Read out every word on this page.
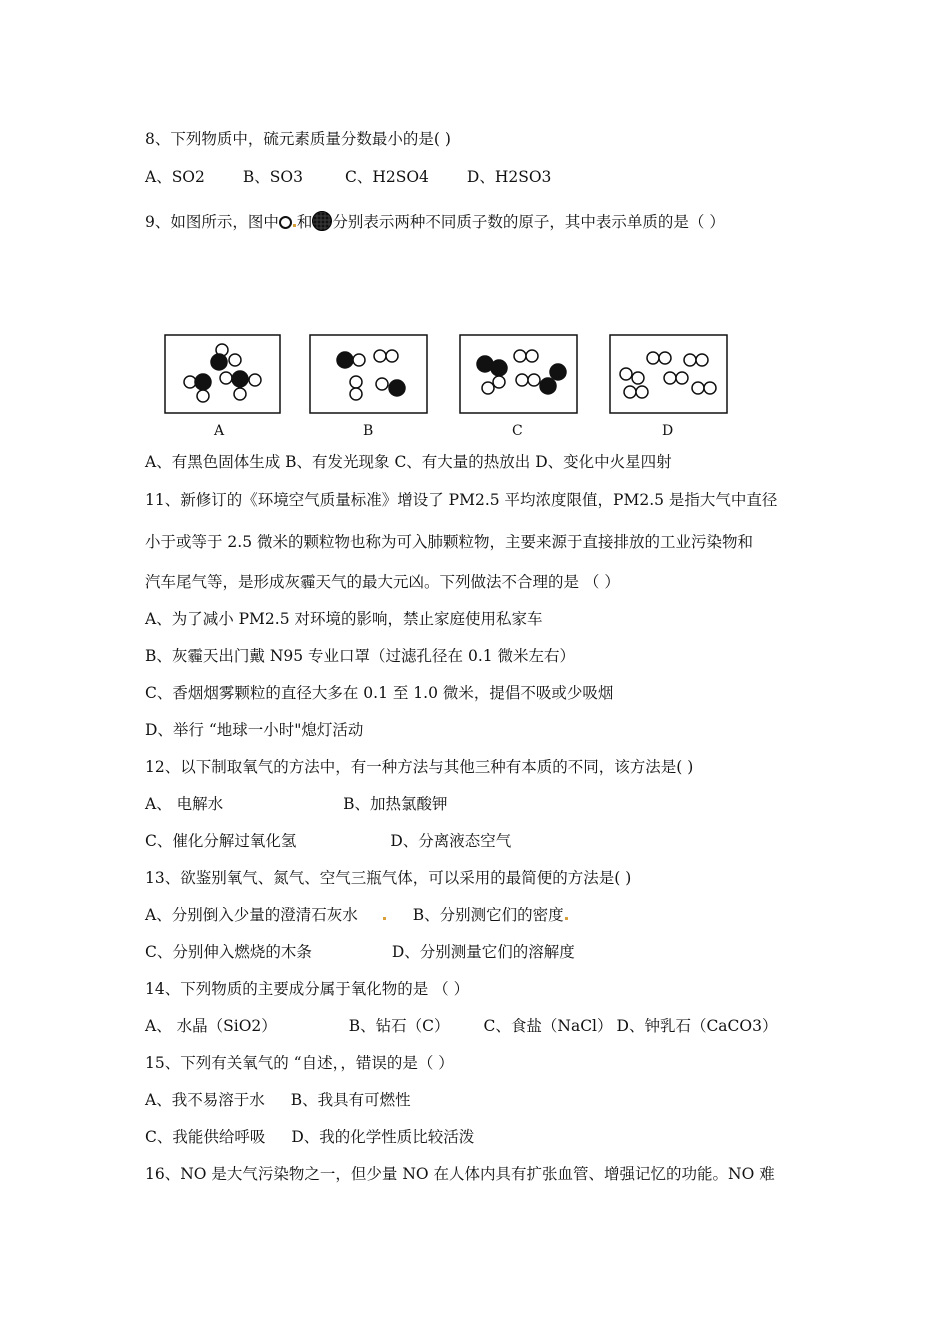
8、下列物质中，硫元素质量分数最小的是( )
A、SO2 B、SO3	C、H2SO4 D、H2SO3
9、如图所示，图中 和 分别表示两种不同质子数的原子，其中表示单质的是（ ）
A	B	C	D
A、有黑色固体生成 B、有发光现象 C、有大量的热放出 D、变化中火星四射
11、新修订的《环境空气质量标准》增设了 PM2.5 平均浓度限值，PM2.5 是指大气中直径
小于或等于 2.5 微米的颗粒物也称为可入肺颗粒物，主要来源于直接排放的工业污染物和
汽车尾气等，是形成灰霾天气的最大元凶。下列做法不合理的是 （ ）
A、为了减小 PM2.5 对环境的影响，禁止家庭使用私家车
B、灰霾天出门戴 N95 专业口罩（过滤孔径在 0.1 微米左右）
C、香烟烟雾颗粒的直径大多在 0.1 至 1.0 微米，提倡不吸或少吸烟
D、举行 “地球一小时"熄灯活动
12、以下制取氧气的方法中，有一种方法与其他三种有本质的不同，该方法是( )
A、 电解水	B、加热氯酸钾
C、催化分解过氧化氢	D、分离液态空气
13、欲鉴别氧气、氮气、空气三瓶气体，可以采用的最简便的方法是( )
A、分别倒入少量的澄清石灰水	B、分别测它们的密度
C、分别伸入燃烧的木条	D、分别测量它们的溶解度
14、下列物质的主要成分属于氧化物的是 （ ）
A、 水晶（SiO2）	B、钻石（C） C、食盐（NaCl） D、钟乳石（CaCO3）
15、下列有关氧气的 “自述，，错误的是（ ）
A、我不易溶于水 B、我具有可燃性
C、我能供给呼吸 D、我的化学性质比较活泼
16、NO 是大气污染物之一，但少量 NO 在人体内具有扩张血管、增强记忆的功能。NO 难
